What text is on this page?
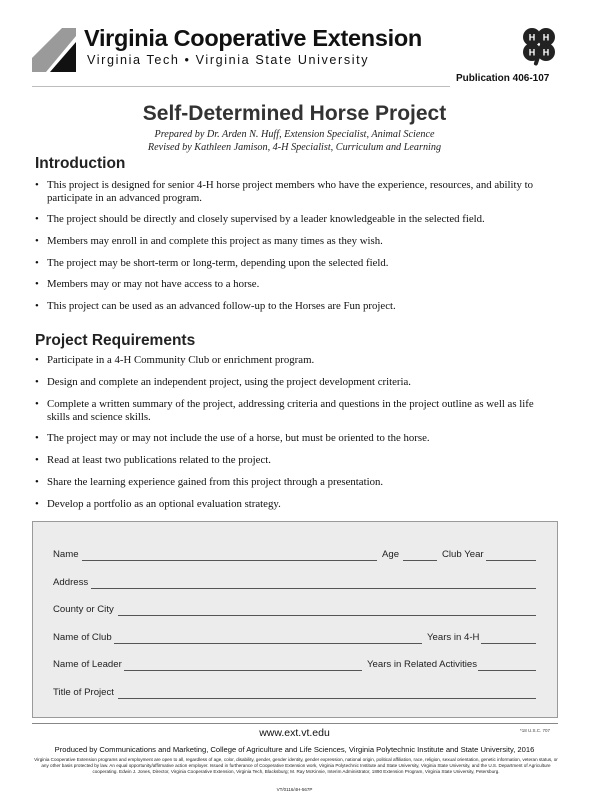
Virginia Cooperative Extension
Virginia Tech • Virginia State University
H H
H H
Publication 406-107
Self-Determined Horse Project
Prepared by Dr. Arden N. Huff, Extension Specialist, Animal Science
Revised by Kathleen Jamison, 4-H Specialist, Curriculum and Learning
Introduction
• This project is designed for senior 4-H horse project members who have the experience, resources, and ability to participate in an advanced program.
• The project should be directly and closely supervised by a leader knowledgeable in the selected field.
• Members may enroll in and complete this project as many times as they wish.
• The project may be short-term or long-term, depending upon the selected field.
• Members may or may not have access to a horse.
• This project can be used as an advanced follow-up to the Horses are Fun project.
Project Requirements
• Participate in a 4-H Community Club or enrichment program.
• Design and complete an independent project, using the project development criteria.
• Complete a written summary of the project, addressing criteria and questions in the project outline as well as life skills and science skills.
• The project may or may not include the use of a horse, but must be oriented to the horse.
• Read at least two publications related to the project.
• Share the learning experience gained from this project through a presentation.
• Develop a portfolio as an optional evaluation strategy.
Name	Age	Club Year
Address
County or City
Name of Club	Years in 4-H
Name of Leader	Years in Related Activities
Title of Project
www.ext.vt.edu	*18 U.S.C. 707
Produced by Communications and Marketing, College of Agriculture and Life Sciences, Virginia Polytechnic Institute and State University, 2016
Virginia Cooperative Extension programs and employment are open to all, regardless of age, color, disability, gender, gender identity, gender expression, national origin, political affiliation, race, religion, sexual orientation, genetic information, veteran status, or any other basis protected by law. An equal opportunity/affirmative action employer. Issued in furtherance of Cooperative Extension work, Virginia Polytechnic Institute and State University, Virginia State University, and the U.S. Department of Agriculture cooperating. Edwin J. Jones, Director, Virginia Cooperative Extension, Virginia Tech, Blacksburg; M. Ray McKinnie, Interim Administrator, 1890 Extension Program, Virginia State University, Petersburg.
VT/0116/4H-567P
